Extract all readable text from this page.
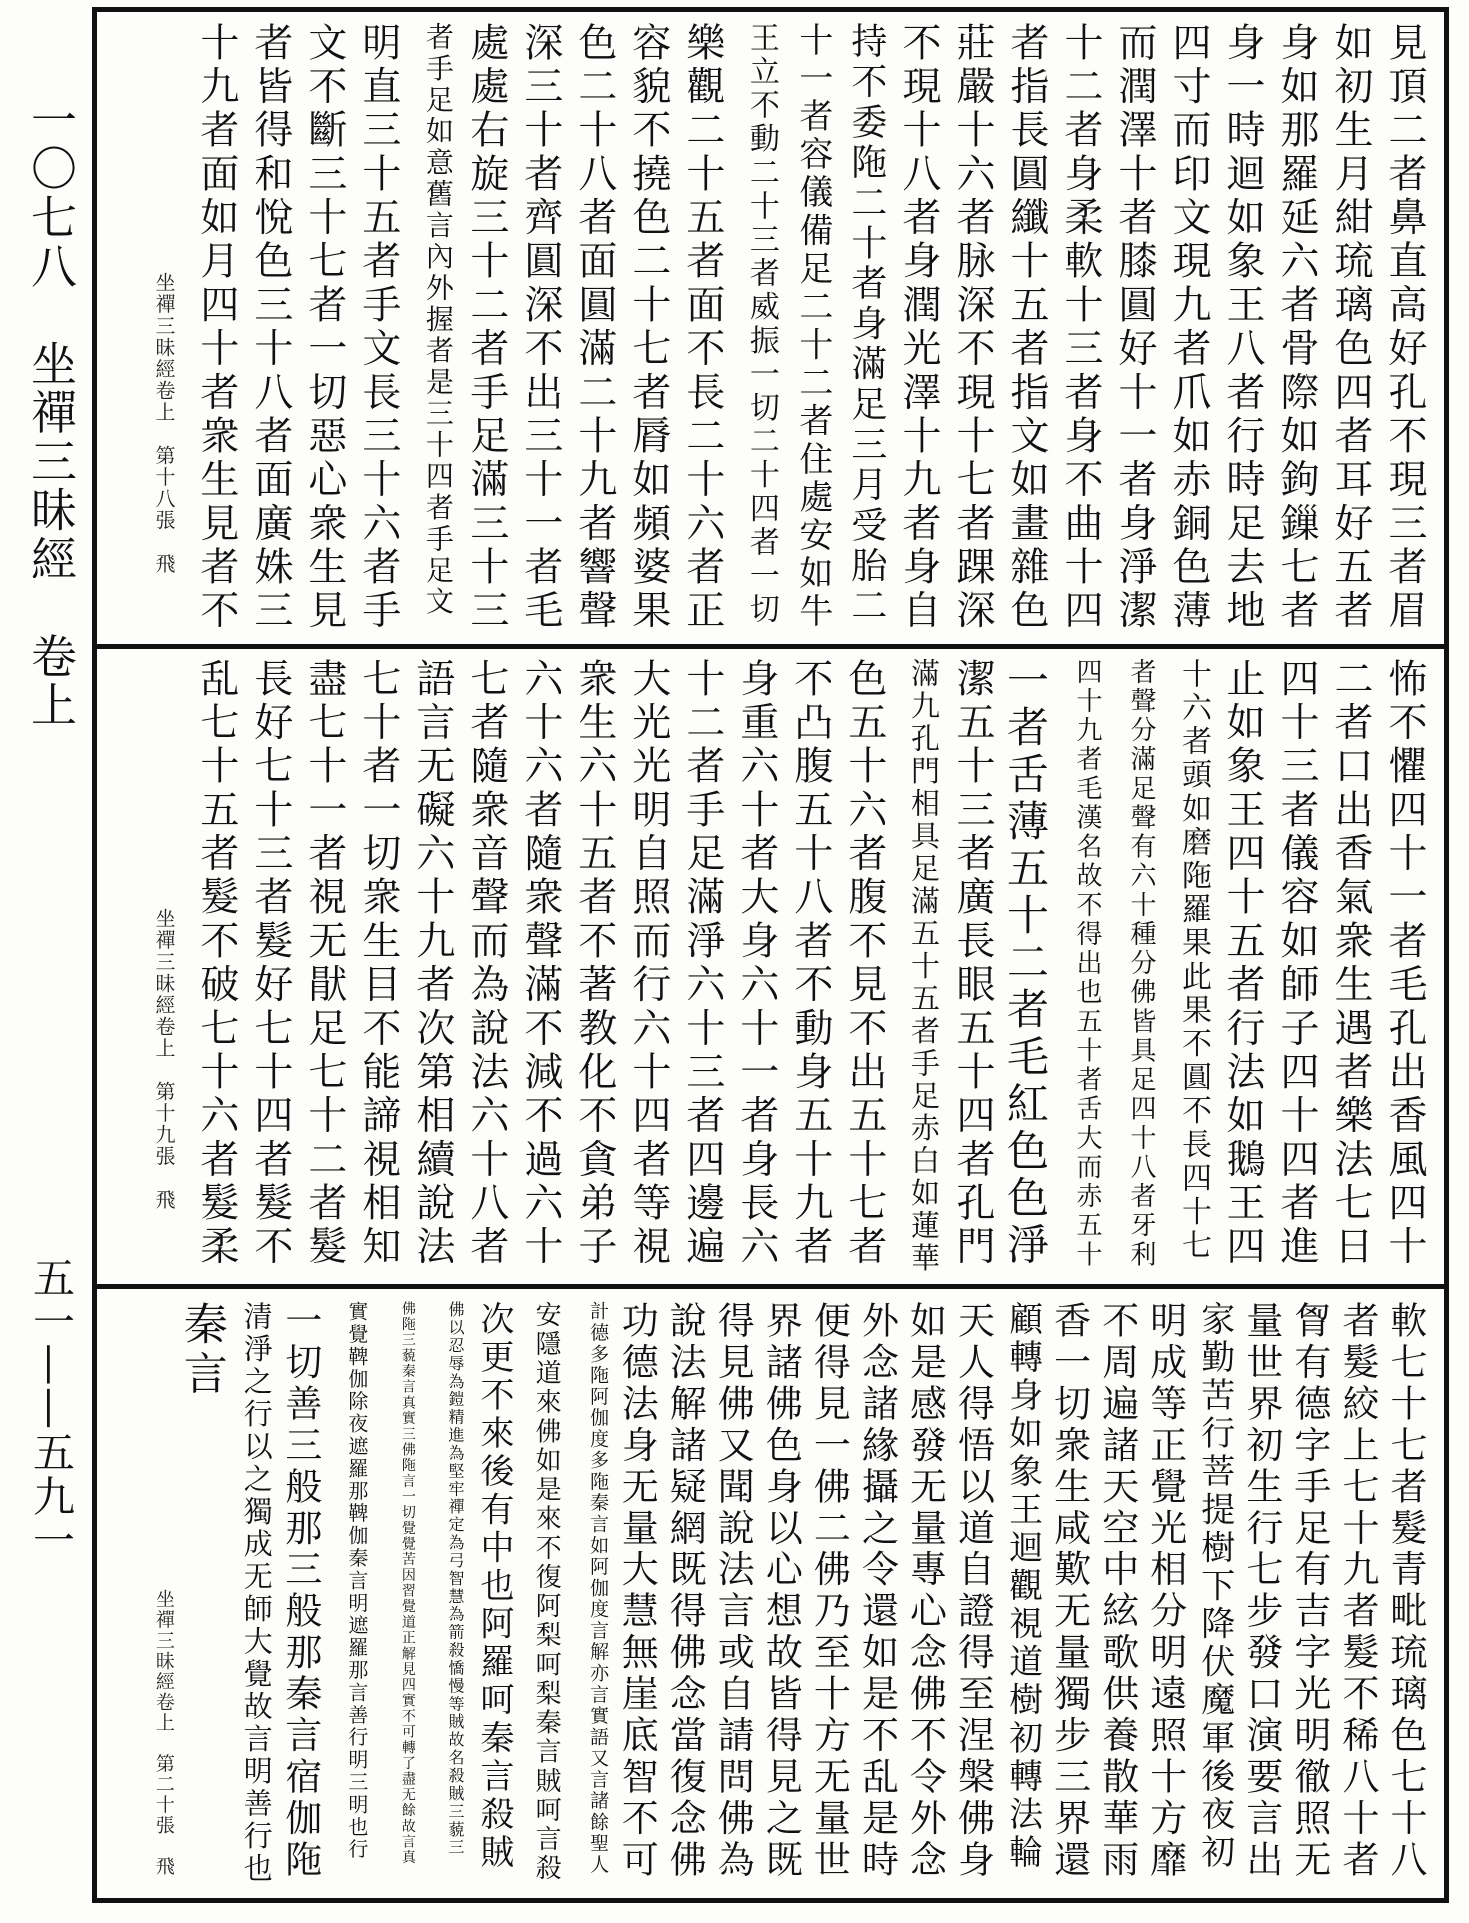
一〇七八　坐禪三昧經　卷上
五一——五九一
見頂二者鼻直高好孔不現三者眉
如初生月紺琉璃色四者耳好五者
身如那羅延六者骨際如鉤鏁七者
身一時迴如象王八者行時足去地
四寸而印文現九者爪如赤銅色薄
而潤澤十者膝圓好十一者身淨潔
十二者身柔軟十三者身不曲十四
者指長圓纖十五者指文如畫雜色
莊嚴十六者脉深不現十七者踝深
不現十八者身潤光澤十九者身自
持不委陁二十者身滿足三月受胎二
十一者容儀備足二十二者住處安如牛
王立不動二十三者威振一切二十四者一切
樂觀二十五者面不長二十六者正
容貌不撓色二十七者脣如頻婆果
色二十八者面圓滿二十九者響聲
深三十者齊圓深不出三十一者毛
處處右旋三十二者手足滿三十三
者手足如意舊言內外握者是三十四者手足文
明直三十五者手文長三十六者手
文不斷三十七者一切惡心衆生見
者皆得和悅色三十八者面廣姝三
十九者面如月四十者衆生見者不
坐禪三昧經卷上　第十八張　飛
怖不懼四十一者毛孔出香風四十
二者口出香氣衆生遇者樂法七日
四十三者儀容如師子四十四者進
止如象王四十五者行法如鵝王四
十六者頭如磨陁羅果此果不圓不長四十七
者聲分滿足聲有六十種分佛皆具足四十八者牙利
四十九者毛漢名故不得出也五十者舌大而赤五十
一者舌薄五十二者毛紅色色淨
潔五十三者廣長眼五十四者孔門
滿九孔門相具足滿五十五者手足赤白如蓮華
色五十六者腹不見不出五十七者
不凸腹五十八者不動身五十九者
身重六十者大身六十一者身長六
十二者手足滿淨六十三者四邊遍
大光光明自照而行六十四者等視
衆生六十五者不著教化不貪弟子
六十六者隨衆聲滿不減不過六十
七者隨衆音聲而為說法六十八者
語言无礙六十九者次第相續說法
七十者一切衆生目不能諦視相知
盡七十一者視无猒足七十二者髮
長好七十三者髮好七十四者髮不
乱七十五者髮不破七十六者髮柔
坐禪三昧經卷上　第十九張　飛
軟七十七者髮青毗琉璃色七十八
者髮絞上七十九者髮不稀八十者
胷有德字手足有吉字光明徹照无
量世界初生行七步發口演要言出
家勤苦行菩提樹下降伏魔軍後夜初
明成等正覺光相分明遠照十方靡
不周遍諸天空中絃歌供養散華雨
香一切衆生咸歎无量獨步三界還
顧轉身如象王迴觀視道樹初轉法輪
天人得悟以道自證得至涅槃佛身
如是感發无量專心念佛不令外念
外念諸緣攝之令還如是不乱是時
便得見一佛二佛乃至十方无量世
界諸佛色身以心想故皆得見之既
得見佛又聞說法言或自請問佛為
說法解諸疑網既得佛念當復念佛
功德法身无量大慧無崖底智不可
計德多陁阿伽度多陁秦言如阿伽度言解亦言實語又言諸餘聖人
安隱道來佛如是來不復阿梨呵梨秦言賊呵言殺
次更不來後有中也阿羅呵秦言殺賊
佛以忍辱為鎧精進為堅牢禪定為弓智慧為箭殺憍慢等賊故名殺賊三藐三
佛陁三藐秦言真實三佛陁言一切覺覺苦因習覺道正解見四實不可轉了盡无餘故言真
實覺鞞伽除夜遮羅那鞞伽秦言明遮羅那言善行明三明也行
一切善三般那三般那秦言宿伽陁
清淨之行以之獨成无師大覺故言明善行也
秦言
坐禪三昧經卷上　第二十張　飛
